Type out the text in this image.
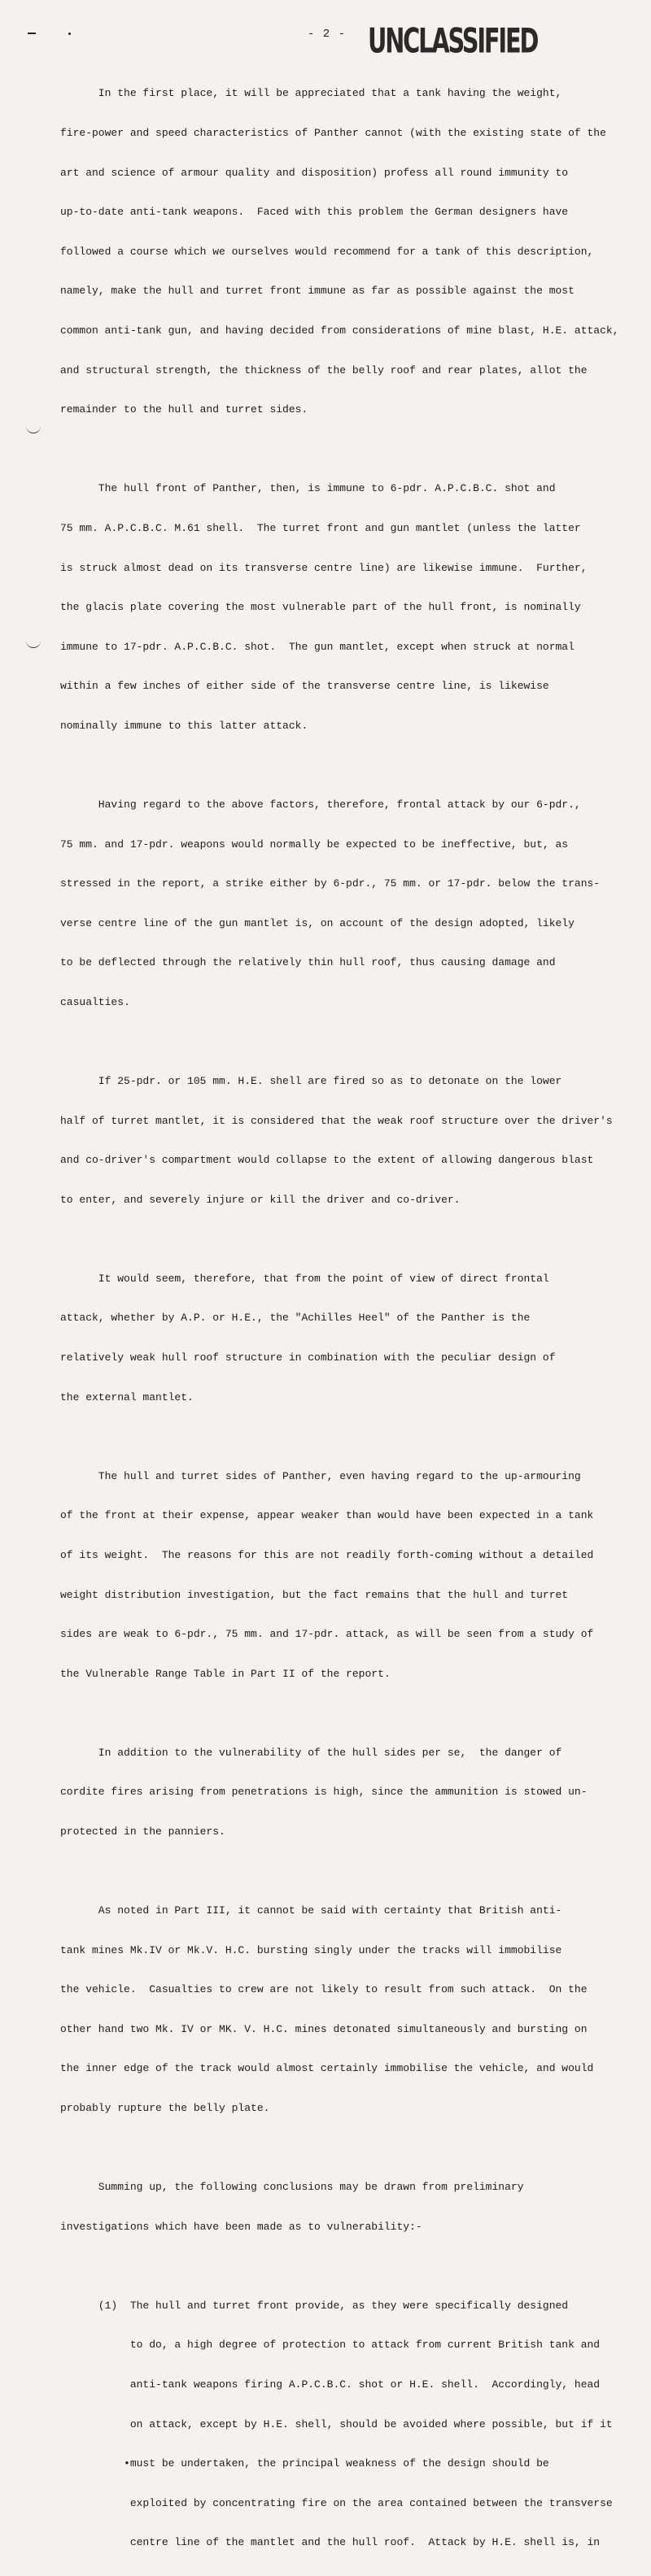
- 2 - UNCLASSIFIED

In the first place, it will be appreciated that a tank having the weight,

fire-power and speed characteristics of Panther cannot (with the existing state of the

art and science of armour quality and disposition) profess all round immunity to

up-to-date anti-tank weapons.  Faced with this problem the German designers have

followed a course which we ourselves would recommend for a tank of this description,

namely, make the hull and turret front immune as far as possible against the most

common anti-tank gun, and having decided from considerations of mine blast, H.E. attack,

and structural strength, the thickness of the belly roof and rear plates, allot the

remainder to the hull and turret sides.

The hull front of Panther, then, is immune to 6-pdr. A.P.C.B.C. shot and

75 mm. A.P.C.B.C. M.61 shell.  The turret front and gun mantlet (unless the latter

is struck almost dead on its transverse centre line) are likewise immune.  Further,

the glacis plate covering the most vulnerable part of the hull front, is nominally

immune to 17-pdr. A.P.C.B.C. shot.  The gun mantlet, except when struck at normal

within a few inches of either side of the transverse centre line, is likewise

nominally immune to this latter attack.

Having regard to the above factors, therefore, frontal attack by our 6-pdr.,

75 mm. and 17-pdr. weapons would normally be expected to be ineffective, but, as

stressed in the report, a strike either by 6-pdr., 75 mm. or 17-pdr. below the trans-

verse centre line of the gun mantlet is, on account of the design adopted, likely

to be deflected through the relatively thin hull roof, thus causing damage and

casualties.

If 25-pdr. or 105 mm. H.E. shell are fired so as to detonate on the lower

half of turret mantlet, it is considered that the weak roof structure over the driver's

and co-driver's compartment would collapse to the extent of allowing dangerous blast

to enter, and severely injure or kill the driver and co-driver.

It would seem, therefore, that from the point of view of direct frontal

attack, whether by A.P. or H.E., the "Achilles Heel" of the Panther is the

relatively weak hull roof structure in combination with the peculiar design of

the external mantlet.

The hull and turret sides of Panther, even having regard to the up-armouring

of the front at their expense, appear weaker than would have been expected in a tank

of its weight.  The reasons for this are not readily forth-coming without a detailed

weight distribution investigation, but the fact remains that the hull and turret

sides are weak to 6-pdr., 75 mm. and 17-pdr. attack, as will be seen from a study of

the Vulnerable Range Table in Part II of the report.

In addition to the vulnerability of the hull sides per se,  the danger of

cordite fires arising from penetrations is high, since the ammunition is stowed un-

protected in the panniers.

As noted in Part III, it cannot be said with certainty that British anti-

tank mines Mk.IV or Mk.V. H.C. bursting singly under the tracks will immobilise

the vehicle.  Casualties to crew are not likely to result from such attack.  On the

other hand two Mk. IV or MK. V. H.C. mines detonated simultaneously and bursting on

the inner edge of the track would almost certainly immobilise the vehicle, and would

probably rupture the belly plate.

Summing up, the following conclusions may be drawn from preliminary

investigations which have been made as to vulnerability:-

(1)  The hull and turret front provide, as they were specifically designed

to do, a high degree of protection to attack from current British tank and

anti-tank weapons firing A.P.C.B.C. shot or H.E. shell.  Accordingly, head

on attack, except by H.E. shell, should be avoided where possible, but if it

•must be undertaken, the principal weakness of the design should be

exploited by concentrating fire on the area contained between the transverse

centre line of the mantlet and the hull roof.  Attack by H.E. shell is, in
